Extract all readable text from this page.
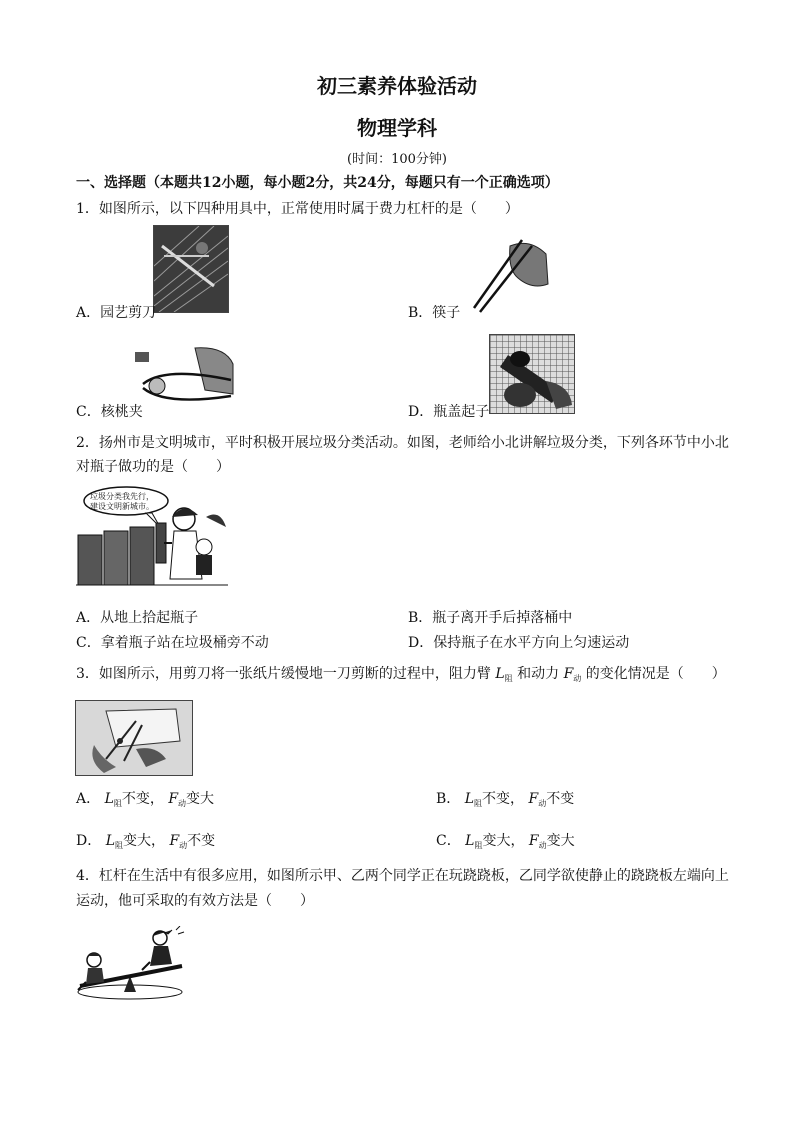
初三素养体验活动
物理学科
(时间：100分钟)
一、选择题（本题共12小题，每小题2分，共24分，每题只有一个正确选项）
1．如图所示，以下四种用具中，正常使用时属于费力杠杆的是（　　）
A．园艺剪刀	B．筷子
C．核桃夹	D．瓶盖起子
2．扬州市是文明城市，平时积极开展垃圾分类活动。如图，老师给小北讲解垃圾分类，下列各环节中小北
对瓶子做功的是（　　）
垃圾分类我先行，
建设文明新城市。
A．从地上拾起瓶子	B．瓶子离开手后掉落桶中
C．拿着瓶子站在垃圾桶旁不动	D．保持瓶子在水平方向上匀速运动
3．如图所示，用剪刀将一张纸片缓慢地一刀剪断的过程中，阻力臂 $L_阻$ 和动力 $F_动$ 的变化情况是（　　）
A． $L_阻$不变， $F_动$变大	B． $L_阻$不变， $F_动$不变
D． $L_阻$变大， $F_动$不变	C． $L_阻$变大， $F_动$变大
4．杠杆在生活中有很多应用，如图所示甲、乙两个同学正在玩跷跷板，乙同学欲使静止的跷跷板左端向上
运动，他可采取的有效方法是（　　）
